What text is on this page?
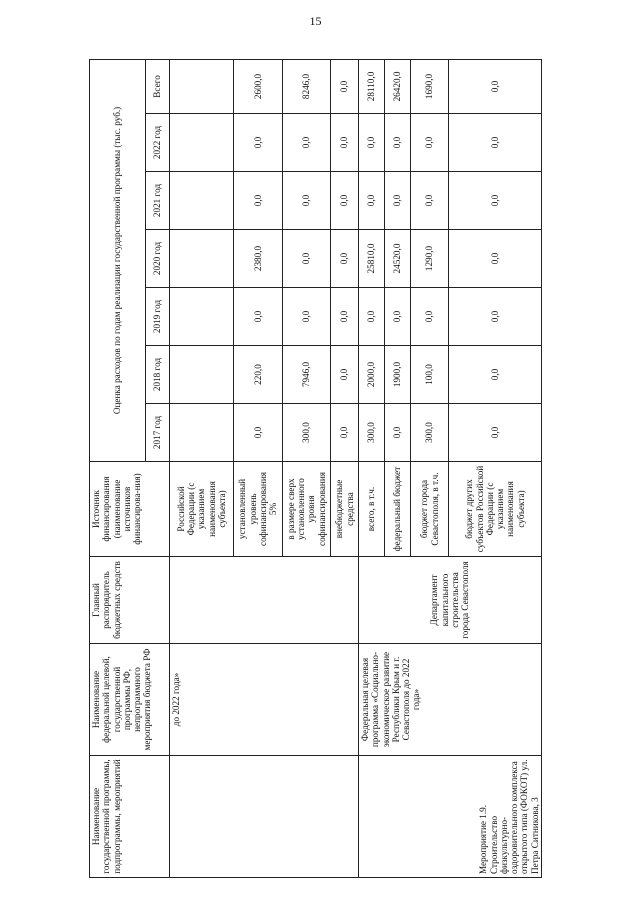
15
Наименование государственной программы, подпрограммы, мероприятий	Наименование федеральной целевой, государственной программы РФ, непрограммного мероприятия бюджета РФ	Главный распорядитель бюджетных средств	Источник финансирования (наименование источников финансирова-ния)	Оценка расходов по годам реализации государственной программы (тыс. руб.)						
				2017 год	2018 год	2019 год	2020 год	2021 год	2022 год	Всего
	до 2022 года»		Российской Федерации (с указанием наименования субъекта)							
			установленный уровень софинансирования 5%	0,0	220,0	0,0	2380,0	0,0	0,0	2600,0
			в размере сверх установленного уровня софинансирования	300,0	7946,0	0,0	0,0	0,0	0,0	8246,0
			внебюджетные средства	0,0	0,0	0,0	0,0	0,0	0,0	0,0
Мероприятие 1.9. Строительство физкультурно-оздоровительного комплекса открытого типа (ФОКОТ) ул. Петра Ситникова, 3	Федеральная целевая программа «Социально-экономическое развитие Республики Крым и г. Севастополя до 2022 года»	Департамент капитального строительства города Севастополя	всего, в т.ч.	300,0	2000,0	0,0	25810,0	0,0	0,0	28110,0
			федеральный бюджет	0,0	1900,0	0,0	24520,0	0,0	0,0	26420,0
			бюджет города Севастополя, в т.ч.	300,0	100,0	0,0	1290,0	0,0	0,0	1690,0
			бюджет других субъектов Российской Федерации (с указанием наименования субъекта)	0,0	0,0	0,0	0,0	0,0	0,0	0,0
